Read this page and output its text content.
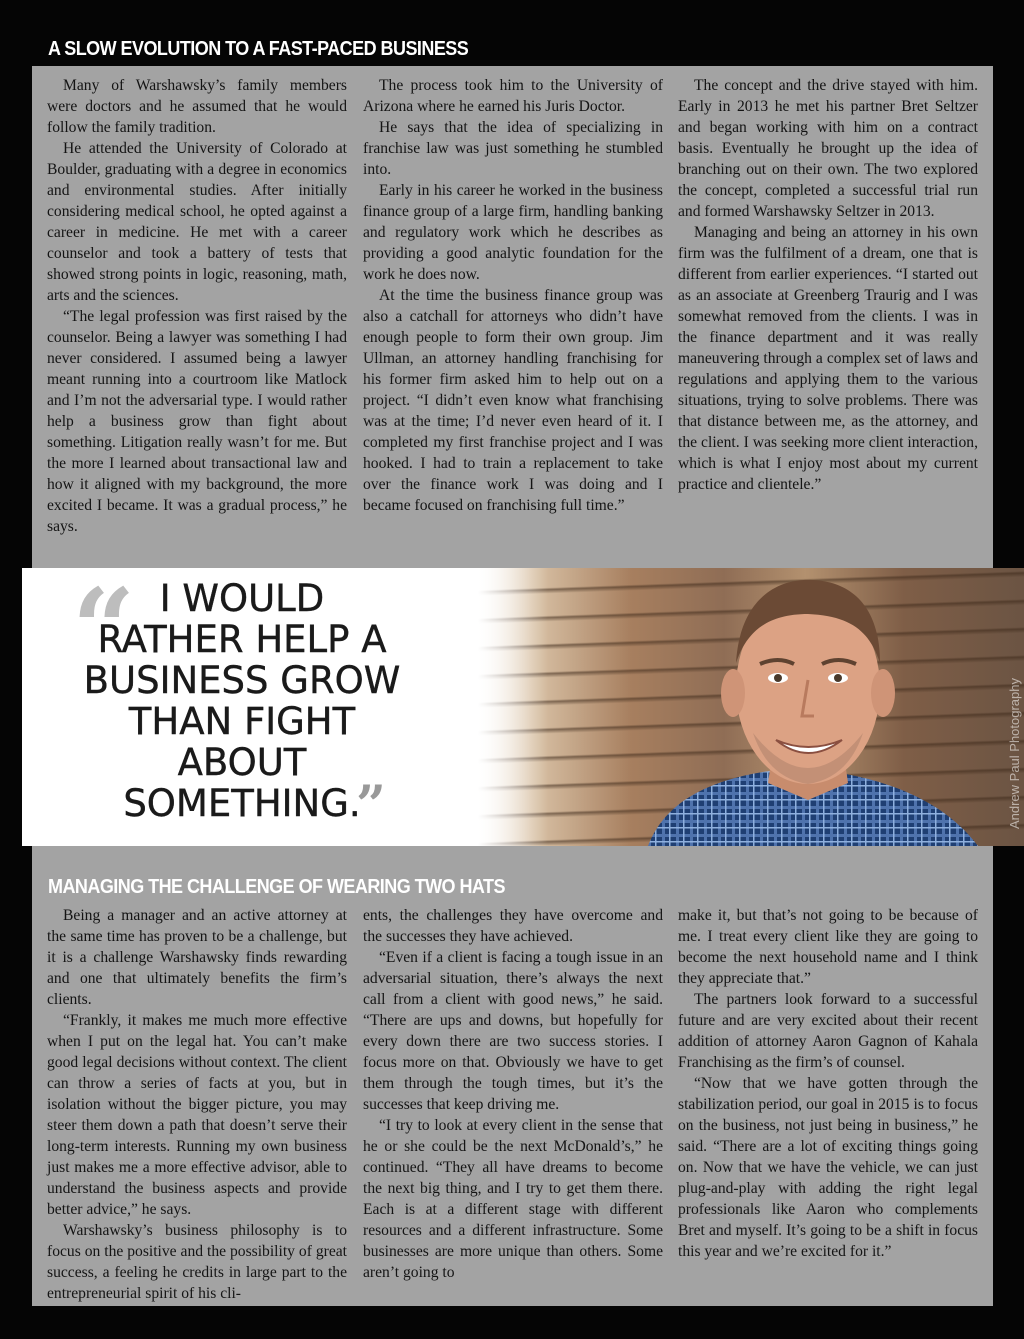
A SLOW EVOLUTION TO A FAST-PACED BUSINESS

Many of Warshawsky’s family members were doctors and he assumed that he would follow the family tradition.

He attended the University of Colorado at Boulder, graduating with a degree in economics and environmental studies. After initially considering medical school, he opted against a career in medicine. He met with a career counselor and took a battery of tests that showed strong points in logic, reasoning, math, arts and the sciences.

“The legal profession was first raised by the counselor. Being a lawyer was something I had never considered. I assumed being a lawyer meant running into a courtroom like Matlock and I’m not the adversarial type. I would rather help a business grow than fight about something. Litigation really wasn’t for me. But the more I learned about transactional law and how it aligned with my background, the more excited I became. It was a gradual process,” he says.

The process took him to the University of Arizona where he earned his Juris Doctor.

He says that the idea of specializing in franchise law was just something he stumbled into.

Early in his career he worked in the business finance group of a large firm, handling banking and regulatory work which he describes as providing a good analytic foundation for the work he does now.

At the time the business finance group was also a catchall for attorneys who didn’t have enough people to form their own group. Jim Ullman, an attorney handling franchising for his former firm asked him to help out on a project. “I didn’t even know what franchising was at the time; I’d never even heard of it. I completed my first franchise project and I was hooked. I had to train a replacement to take over the finance work I was doing and I became focused on franchising full time.”

The concept and the drive stayed with him. Early in 2013 he met his partner Bret Seltzer and began working with him on a contract basis. Eventually he brought up the idea of branching out on their own. The two explored the concept, completed a successful trial run and formed Warshawsky Seltzer in 2013.

Managing and being an attorney in his own firm was the fulfilment of a dream, one that is different from earlier experiences. “I started out as an associate at Greenberg Traurig and I was somewhat removed from the clients. I was in the finance department and it was really maneuvering through a complex set of laws and regulations and applying them to the various situations, trying to solve problems. There was that distance between me, as the attorney, and the client. I was seeking more client interaction, which is what I enjoy most about my current practice and clientele.”

“ I WOULD RATHER HELP A BUSINESS GROW THAN FIGHT ABOUT SOMETHING.
”	Andrew Paul Photography

Being a manager and an active attorney at the same time has proven to be a challenge, but it is a challenge Warshawsky finds rewarding and one that ultimately benefits the firm’s clients.

“Frankly, it makes me much more effective when I put on the legal hat. You can’t make good legal decisions without context. The client can throw a series of facts at you, but in isolation without the bigger picture, you may steer them down a path that doesn’t serve their long-term interests. Running my own business just makes me a more effective advisor, able to understand the business aspects and provide better advice,” he says.

Warshawsky’s business philosophy is to focus on the positive and the possibility of great success, a feeling he credits in large part to the entrepreneurial spirit of his cli-

ents, the challenges they have overcome and the successes they have achieved.

“Even if a client is facing a tough issue in an adversarial situation, there’s always the next call from a client with good news,” he said. “There are ups and downs, but hopefully for every down there are two success stories. I focus more on that. Obviously we have to get them through the tough times, but it’s the successes that keep driving me.

“I try to look at every client in the sense that he or she could be the next McDonald’s,” he continued. “They all have dreams to become the next big thing, and I try to get them there. Each is at a different stage with different resources and a different infrastructure. Some businesses are more unique than others. Some aren’t going to

make it, but that’s not going to be because of me. I treat every client like they are going to become the next household name and I think they appreciate that.”

The partners look forward to a successful future and are very excited about their recent addition of attorney Aaron Gagnon of Kahala Franchising as the firm’s of counsel.

“Now that we have gotten through the stabilization period, our goal in 2015 is to focus on the business, not just being in business,” he said. “There are a lot of exciting things going on. Now that we have the vehicle, we can just plug-and-play with adding the right legal professionals like Aaron who complements Bret and myself. It’s going to be a shift in focus this year and we’re excited for it.”

MANAGING THE CHALLENGE OF WEARING TWO HATS
